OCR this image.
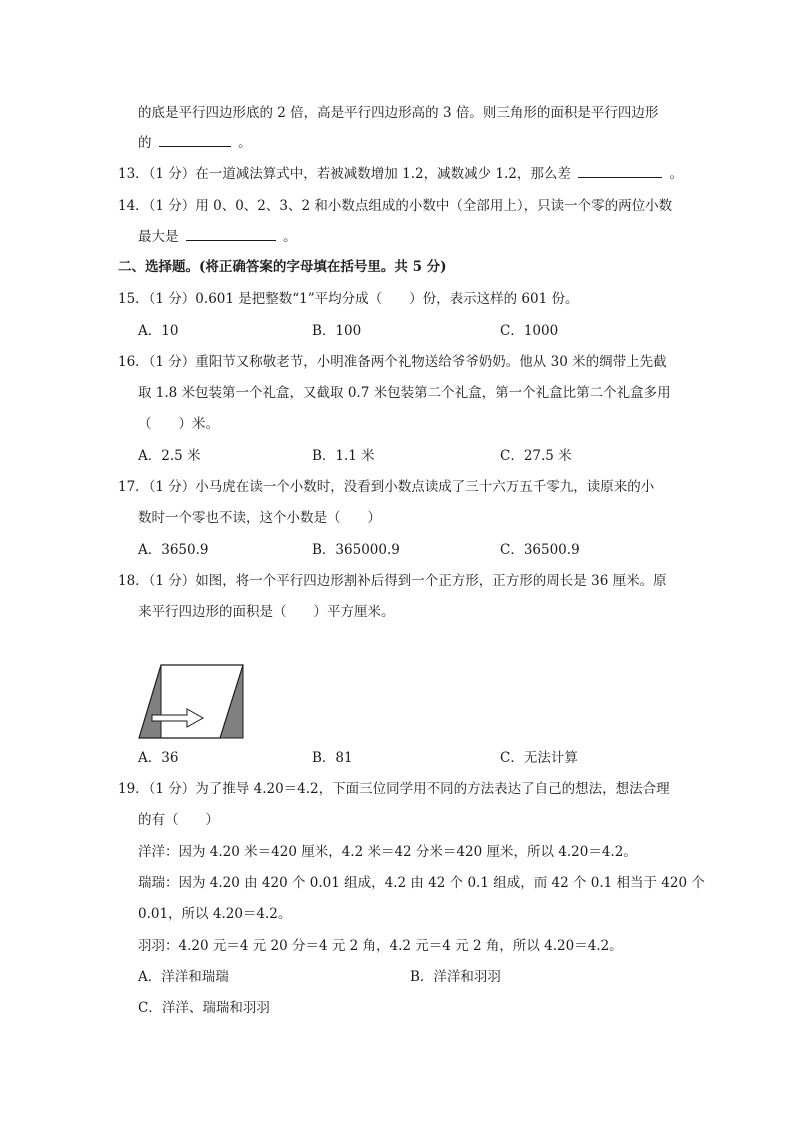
的底是平行四边形底的 2 倍，高是平行四边形高的 3 倍。则三角形的面积是平行四边形
的	。
13．（1 分）在一道减法算式中，若被减数增加 1.2，减数减少 1.2，那么差	。
14．（1 分）用 0、0、2、3、2 和小数点组成的小数中（全部用上），只读一个零的两位小数
最大是	。
二、选择题。(将正确答案的字母填在括号里。共 5 分)
15．（1 分）0.601 是把整数“1”平均分成（　　）份，表示这样的 601 份。
A．10	B．100	C．1000
16．（1 分）重阳节又称敬老节，小明准备两个礼物送给爷爷奶奶。他从 30 米的绸带上先截
取 1.8 米包装第一个礼盒，又截取 0.7 米包装第二个礼盒，第一个礼盒比第二个礼盒多用
（　　）米。
A．2.5 米	B．1.1 米	C．27.5 米
17．（1 分）小马虎在读一个小数时，没看到小数点读成了三十六万五千零九，读原来的小
数时一个零也不读，这个小数是（　　）
A．3650.9	B．365000.9	C．36500.9
18．（1 分）如图，将一个平行四边形割补后得到一个正方形，正方形的周长是 36 厘米。原
来平行四边形的面积是（　　）平方厘米。
A．36	B．81	C．无法计算
19．（1 分）为了推导 4.20＝4.2，下面三位同学用不同的方法表达了自己的想法，想法合理
的有（　　）
洋洋：因为 4.20 米＝420 厘米，4.2 米＝42 分米＝420 厘米，所以 4.20＝4.2。
瑞瑞：因为 4.20 由 420 个 0.01 组成，4.2 由 42 个 0.1 组成，而 42 个 0.1 相当于 420 个
0.01，所以 4.20＝4.2。
羽羽：4.20 元＝4 元 20 分＝4 元 2 角，4.2 元＝4 元 2 角，所以 4.20＝4.2。
A．洋洋和瑞瑞	B．洋洋和羽羽
C．洋洋、瑞瑞和羽羽
